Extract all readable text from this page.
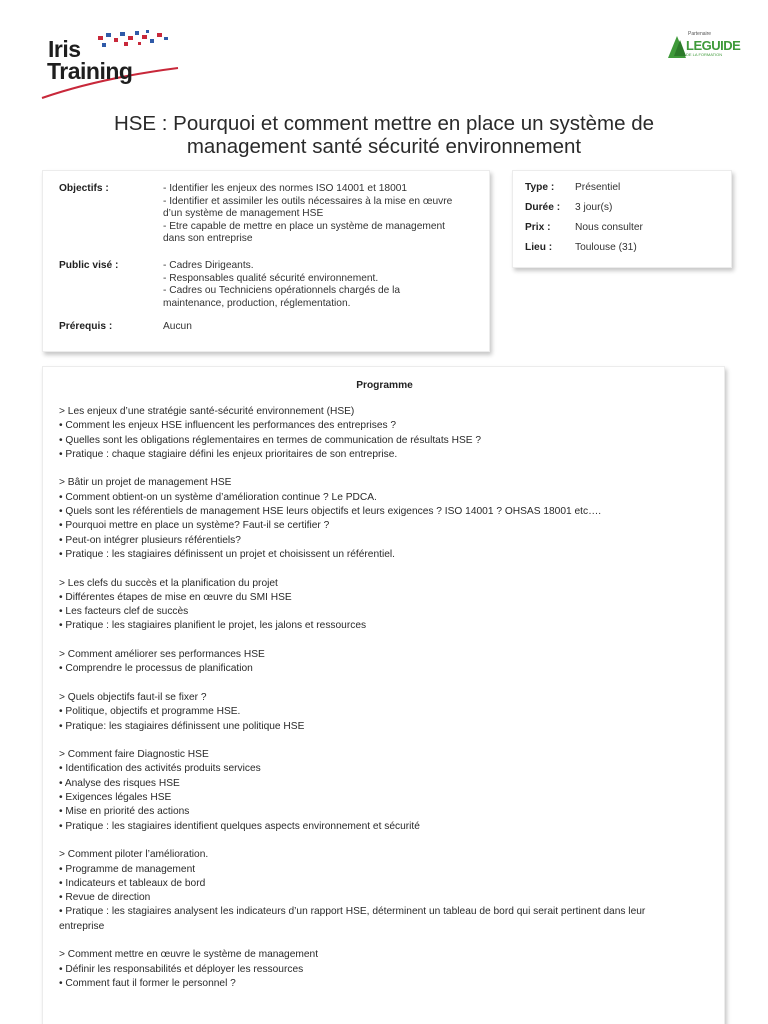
Iris
Training
Partenaire
LEGUIDE
DE LA FORMATION
HSE : Pourquoi et comment mettre en place un système de
management santé sécurité environnement
Objectifs :	- Identifier les enjeux des normes ISO 14001 et 18001
- Identifier et assimiler les outils nécessaires à la mise en œuvre
d’un système de management HSE
- Etre capable de mettre en place un système de management
dans son entreprise
Public visé :	- Cadres Dirigeants.
- Responsables qualité sécurité environnement.
- Cadres ou Techniciens opérationnels chargés de la
maintenance, production, réglementation.
Prérequis :	Aucun
Type : Présentiel
Durée : 3 jour(s)
Prix : Nous consulter
Lieu : Toulouse (31)
Programme
> Les enjeux d’une stratégie santé-sécurité environnement (HSE)
• Comment les enjeux HSE influencent les performances des entreprises ?
• Quelles sont les obligations réglementaires en termes de communication de résultats HSE ?
• Pratique : chaque stagiaire défini les enjeux prioritaires de son entreprise.
> Bâtir un projet de management HSE
• Comment obtient-on un système d’amélioration continue ? Le PDCA.
• Quels sont les référentiels de management HSE leurs objectifs et leurs exigences ? ISO 14001 ? OHSAS 18001 etc….
• Pourquoi mettre en place un système? Faut-il se certifier ?
• Peut-on intégrer plusieurs référentiels?
• Pratique : les stagiaires définissent un projet et choisissent un référentiel.
> Les clefs du succès et la planification du projet
• Différentes étapes de mise en œuvre du SMI HSE
• Les facteurs clef de succès
• Pratique : les stagiaires planifient le projet, les jalons et ressources
> Comment améliorer ses performances HSE
• Comprendre le processus de planification
> Quels objectifs faut-il se fixer ?
• Politique, objectifs et programme HSE.
• Pratique: les stagiaires définissent une politique HSE
> Comment faire Diagnostic HSE
• Identification des activités produits services
• Analyse des risques HSE
• Exigences légales HSE
• Mise en priorité des actions
• Pratique : les stagiaires identifient quelques aspects environnement et sécurité
> Comment piloter l’amélioration.
• Programme de management
• Indicateurs et tableaux de bord
• Revue de direction
• Pratique : les stagiaires analysent les indicateurs d’un rapport HSE, déterminent un tableau de bord qui serait pertinent dans leur
entreprise
> Comment mettre en œuvre le système de management
• Définir les responsabilités et déployer les ressources
• Comment faut il former le personnel ?
